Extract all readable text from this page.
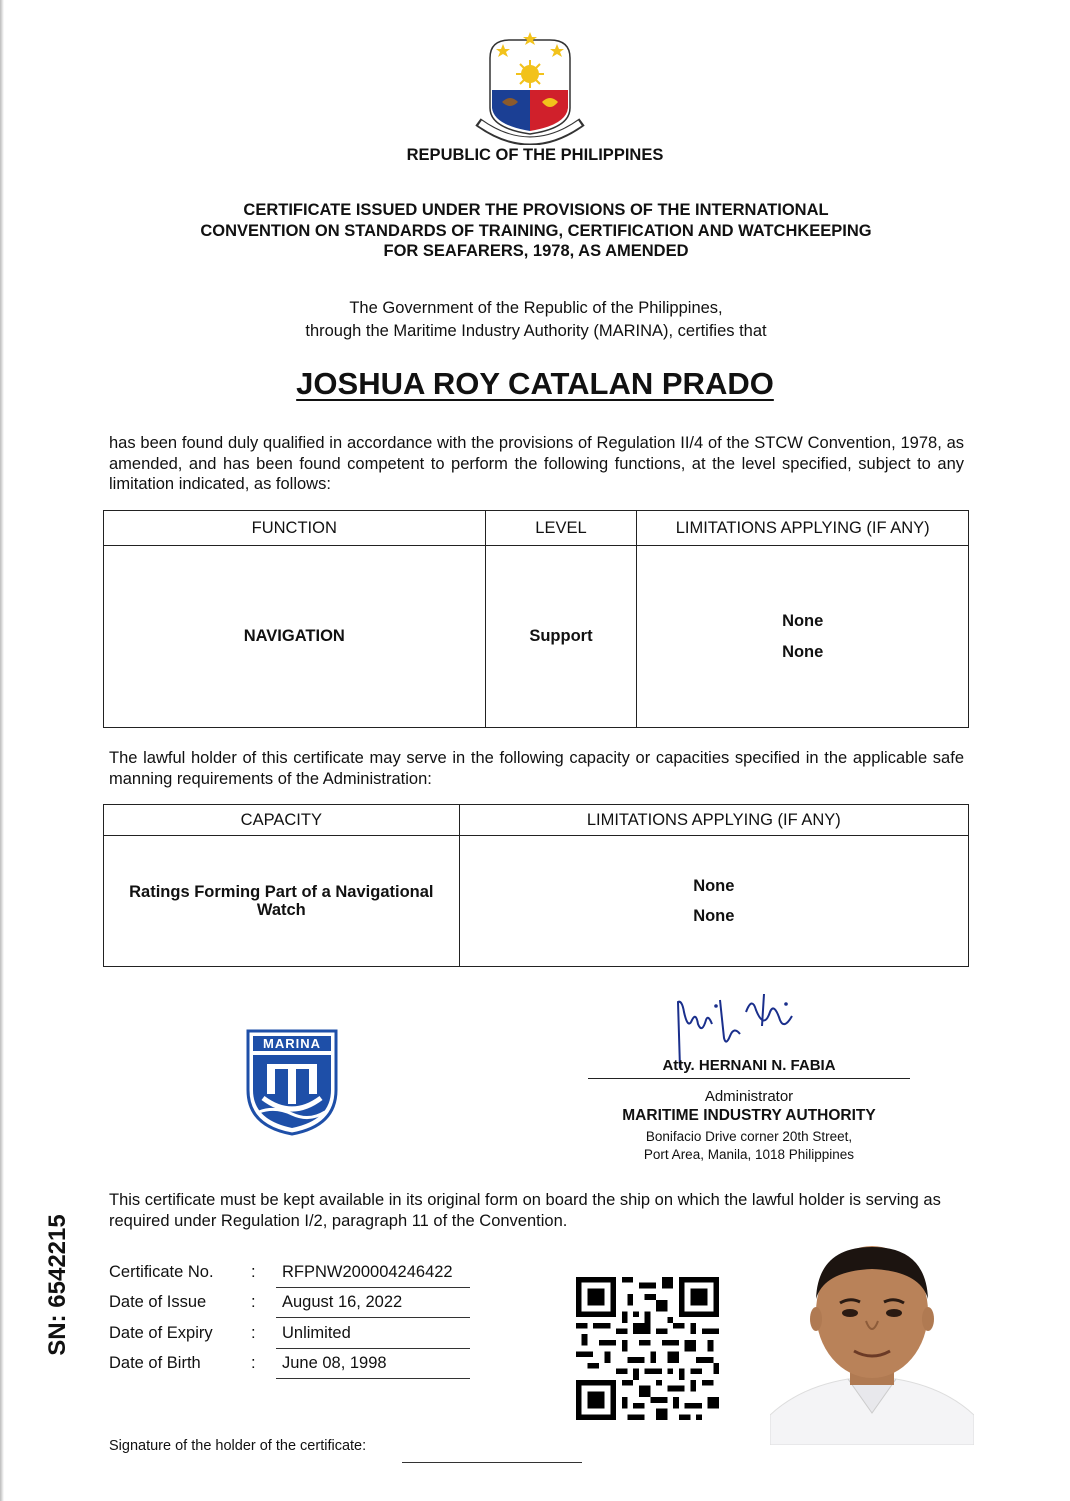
REPUBLIC OF THE PHILIPPINES
CERTIFICATE ISSUED UNDER THE PROVISIONS OF THE INTERNATIONAL
CONVENTION ON STANDARDS OF TRAINING, CERTIFICATION AND WATCHKEEPING
FOR SEAFARERS, 1978, AS AMENDED
The Government of the Republic of the Philippines,
through the Maritime Industry Authority (MARINA), certifies that
JOSHUA ROY CATALAN PRADO
has been found duly qualified in accordance with the provisions of Regulation II/4 of the STCW Convention, 1978, as amended, and has been found competent to perform the following functions, at the level specified, subject to any limitation indicated, as follows:
FUNCTION	LEVEL	LIMITATIONS APPLYING (IF ANY)
NAVIGATION	Support	None
None
The lawful holder of this certificate may serve in the following capacity or capacities specified in the applicable safe manning requirements of the Administration:
CAPACITY	LIMITATIONS APPLYING (IF ANY)

Ratings Forming Part of a Navigational Watch	None
None
MARINA
Atty. HERNANI N. FABIA
Administrator
MARITIME INDUSTRY AUTHORITY
Bonifacio Drive corner 20th Street,
Port Area, Manila, 1018 Philippines
This certificate must be kept available in its original form on board the ship on which the lawful holder is serving as required under Regulation I/2, paragraph 11 of the Convention.
SN: 6542215 Certificate No. : RFPNW200004246422
Date of Issue	: August 16, 2022
Date of Expiry : Unlimited
Date of Birth	: June 08, 1998
Signature of the holder of the certificate:
